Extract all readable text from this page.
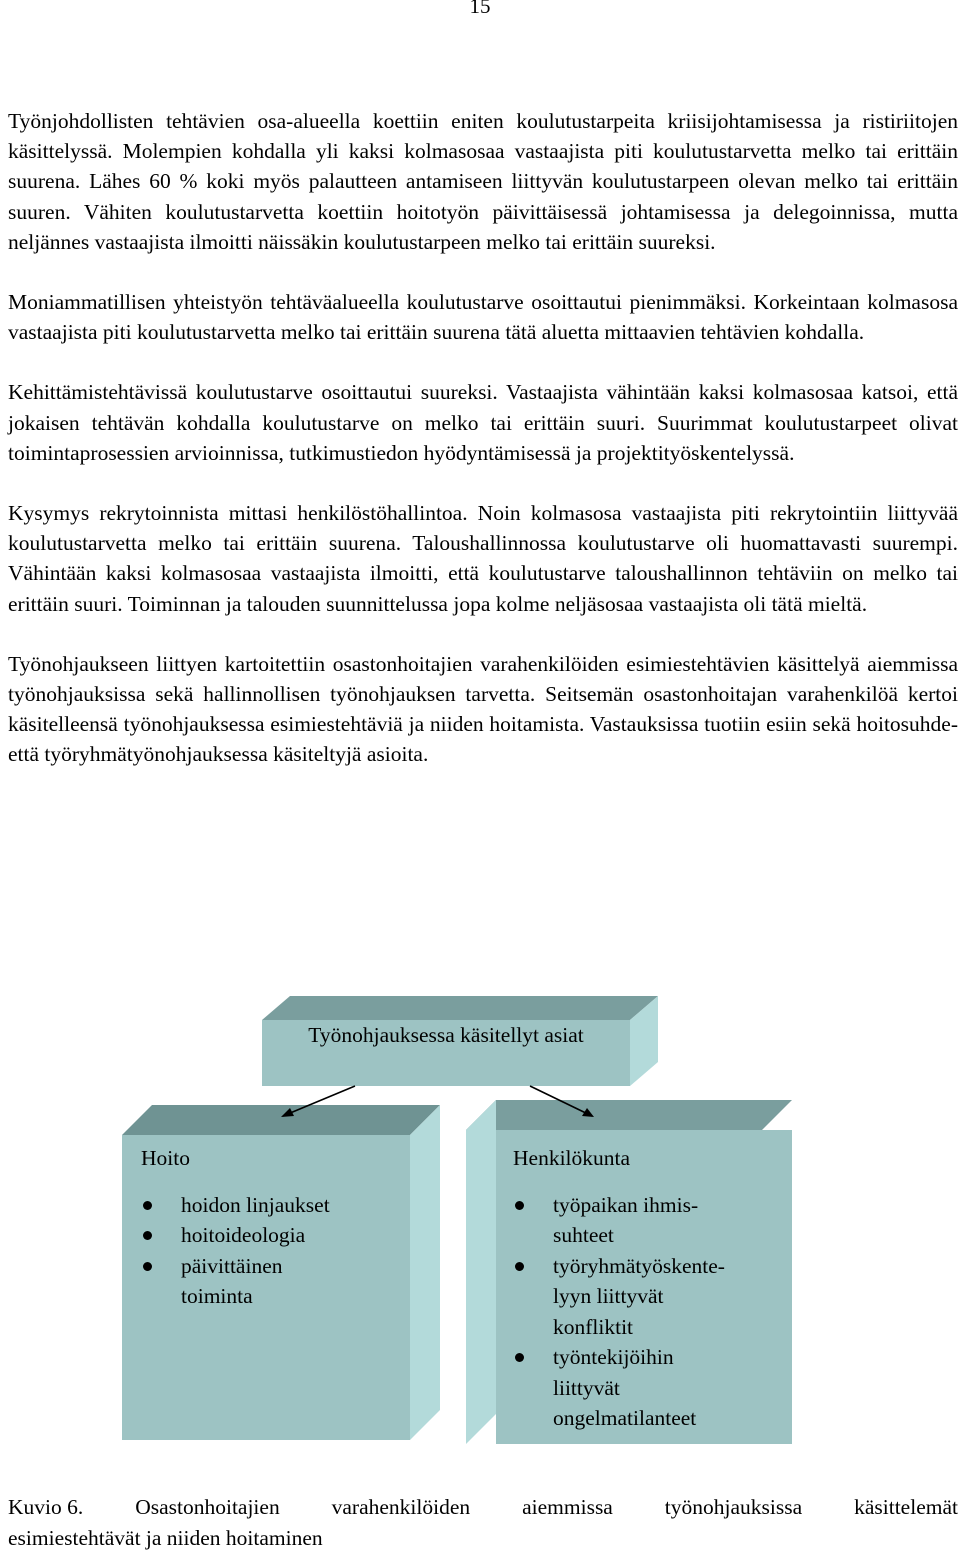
15

Työnjohdollisten tehtävien osa-alueella koettiin eniten koulutustarpeita kriisijohtamisessa ja ristiriitojen käsittelyssä. Molempien kohdalla yli kaksi kolmasosaa vastaajista piti koulutustarvetta melko tai erittäin suurena. Lähes 60 % koki myös palautteen antamiseen liittyvän koulutustarpeen olevan melko tai erittäin suuren. Vähiten koulutustarvetta koettiin hoitotyön päivittäisessä johtamisessa ja delegoinnissa, mutta neljännes vastaajista ilmoitti näissäkin koulutustarpeen melko tai erittäin suureksi.

Moniammatillisen yhteistyön tehtäväalueella koulutustarve osoittautui pienimmäksi. Korkeintaan kolmasosa vastaajista piti koulutustarvetta melko tai erittäin suurena tätä aluetta mittaavien tehtävien kohdalla.

Kehittämistehtävissä koulutustarve osoittautui suureksi. Vastaajista vähintään kaksi kolmasosaa katsoi, että jokaisen tehtävän kohdalla koulutustarve on melko tai erittäin suuri. Suurimmat koulutustarpeet olivat toimintaprosessien arvioinnissa, tutkimustiedon hyödyntämisessä ja projektityöskentelyssä.

Kysymys rekrytoinnista mittasi henkilöstöhallintoa. Noin kolmasosa vastaajista piti rekrytointiin liittyvää koulutustarvetta melko tai erittäin suurena. Taloushallinnossa koulutustarve oli huomattavasti suurempi. Vähintään kaksi kolmasosaa vastaajista ilmoitti, että koulutustarve taloushallinnon tehtäviin on melko tai erittäin suuri. Toiminnan ja talouden suunnittelussa jopa kolme neljäsosaa vastaajista oli tätä mieltä.

Työnohjaukseen liittyen kartoitettiin osastonhoitajien varahenkilöiden esimiestehtävien käsittelyä aiemmissa työnohjauksissa sekä hallinnollisen työnohjauksen tarvetta. Seitsemän osastonhoitajan varahenkilöä kertoi käsitelleensä työnohjauksessa esimiestehtäviä ja niiden hoitamista. Vastauksissa tuotiin esiin sekä hoitosuhde- että työryhmätyönohjauksessa käsiteltyjä asioita.

Työnohjauksessa käsitellyt asiat
Hoito
hoidon linjaukset
hoitoideologia
päivittäinen toiminta
Henkilökunta
työpaikan ihmis-
suhteet
työryhmätyöskente-
lyyn liittyvät
konfliktit
työntekijöihin
liittyvät
ongelmatilanteet
Kuvio 6. Osastonhoitajien varahenkilöiden aiemmissa työnohjauksissa käsittelemät
esimiestehtävät ja niiden hoitaminen
